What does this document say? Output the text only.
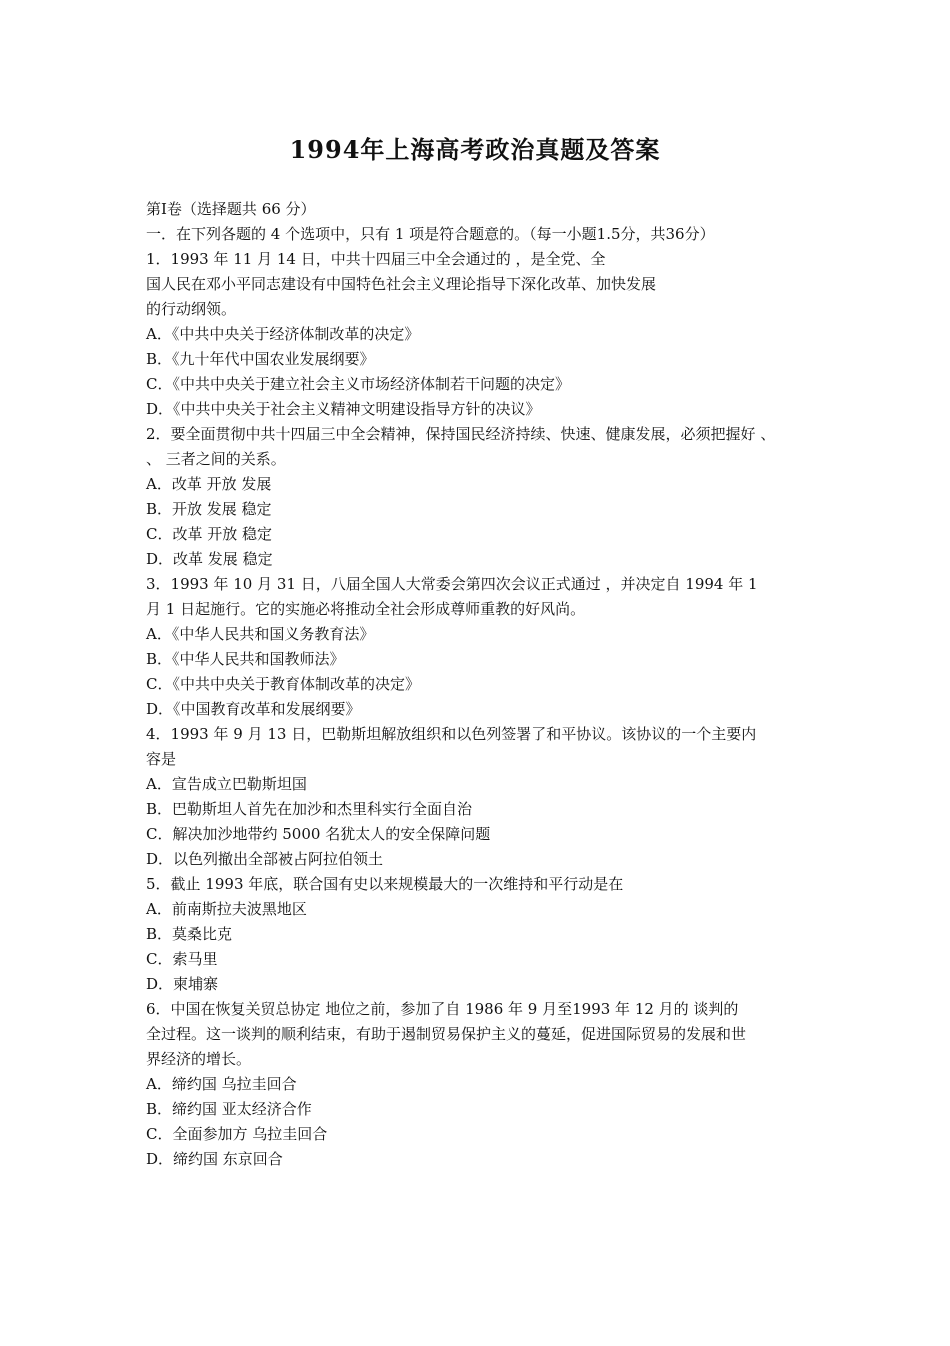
1994年上海高考政治真题及答案
第Ⅰ卷（选择题共 66 分）
一．在下列各题的 4 个选项中，只有 1 项是符合题意的。（每一小题1.5分，共36分）
1．1993 年 11 月 14 日，中共十四届三中全会通过的 ，是全党、全
国人民在邓小平同志建设有中国特色社会主义理论指导下深化改革、加快发展
的行动纲领。
A．《中共中央关于经济体制改革的决定》
B．《九十年代中国农业发展纲要》
C．《中共中央关于建立社会主义市场经济体制若干问题的决定》
D．《中共中央关于社会主义精神文明建设指导方针的决议》
2．要全面贯彻中共十四届三中全会精神，保持国民经济持续、快速、健康发展，必须把握好 、
、 三者之间的关系。
A．改革 开放 发展
B．开放 发展 稳定
C．改革 开放 稳定
D．改革 发展 稳定
3．1993 年 10 月 31 日，八届全国人大常委会第四次会议正式通过 ，并决定自 1994 年 1
月 1 日起施行。它的实施必将推动全社会形成尊师重教的好风尚。
A．《中华人民共和国义务教育法》
B．《中华人民共和国教师法》
C．《中共中央关于教育体制改革的决定》
D．《中国教育改革和发展纲要》
4．1993 年 9 月 13 日，巴勒斯坦解放组织和以色列签署了和平协议。该协议的一个主要内
容是
A．宣告成立巴勒斯坦国
B．巴勒斯坦人首先在加沙和杰里科实行全面自治
C．解决加沙地带约 5000 名犹太人的安全保障问题
D．以色列撤出全部被占阿拉伯领土
5．截止 1993 年底，联合国有史以来规模最大的一次维持和平行动是在
A．前南斯拉夫波黑地区
B．莫桑比克
C．索马里
D．柬埔寨
6．中国在恢复关贸总协定 地位之前，参加了自 1986 年 9 月至1993 年 12 月的 谈判的
全过程。这一谈判的顺利结束，有助于遏制贸易保护主义的蔓延，促进国际贸易的发展和世
界经济的增长。
A．缔约国 乌拉圭回合
B．缔约国 亚太经济合作
C．全面参加方 乌拉圭回合
D．缔约国 东京回合
